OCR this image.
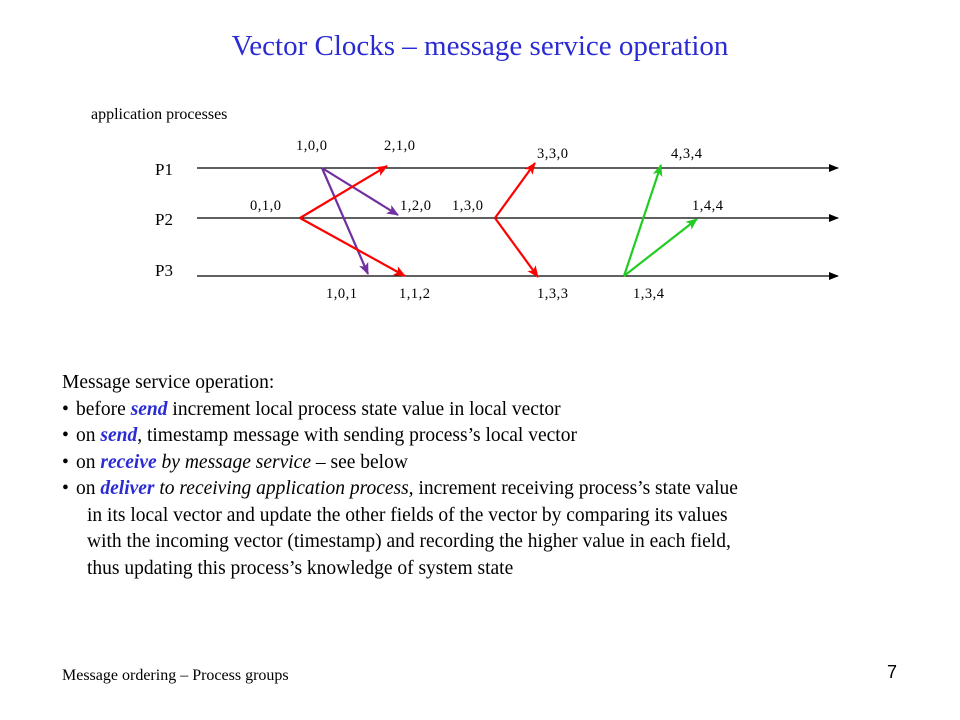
Vector Clocks – message service operation
application processes
P1
P2
P3
1,0,0	2,1,0	3,3,0	4,3,4
0,1,0	1,2,0 1,3,0	1,4,4
1,0,1	1,1,2	1,3,3	1,3,4
Message service operation:
• before send increment local process state value in local vector
• on send, timestamp message with sending process’s local vector
• on receive by message service – see below
• on deliver to receiving application process, increment receiving process’s state value
in its local vector and update the other fields of the vector by comparing its values
with the incoming vector (timestamp) and recording the higher value in each field,
thus updating this process’s knowledge of system state
Message ordering – Process groups	7
